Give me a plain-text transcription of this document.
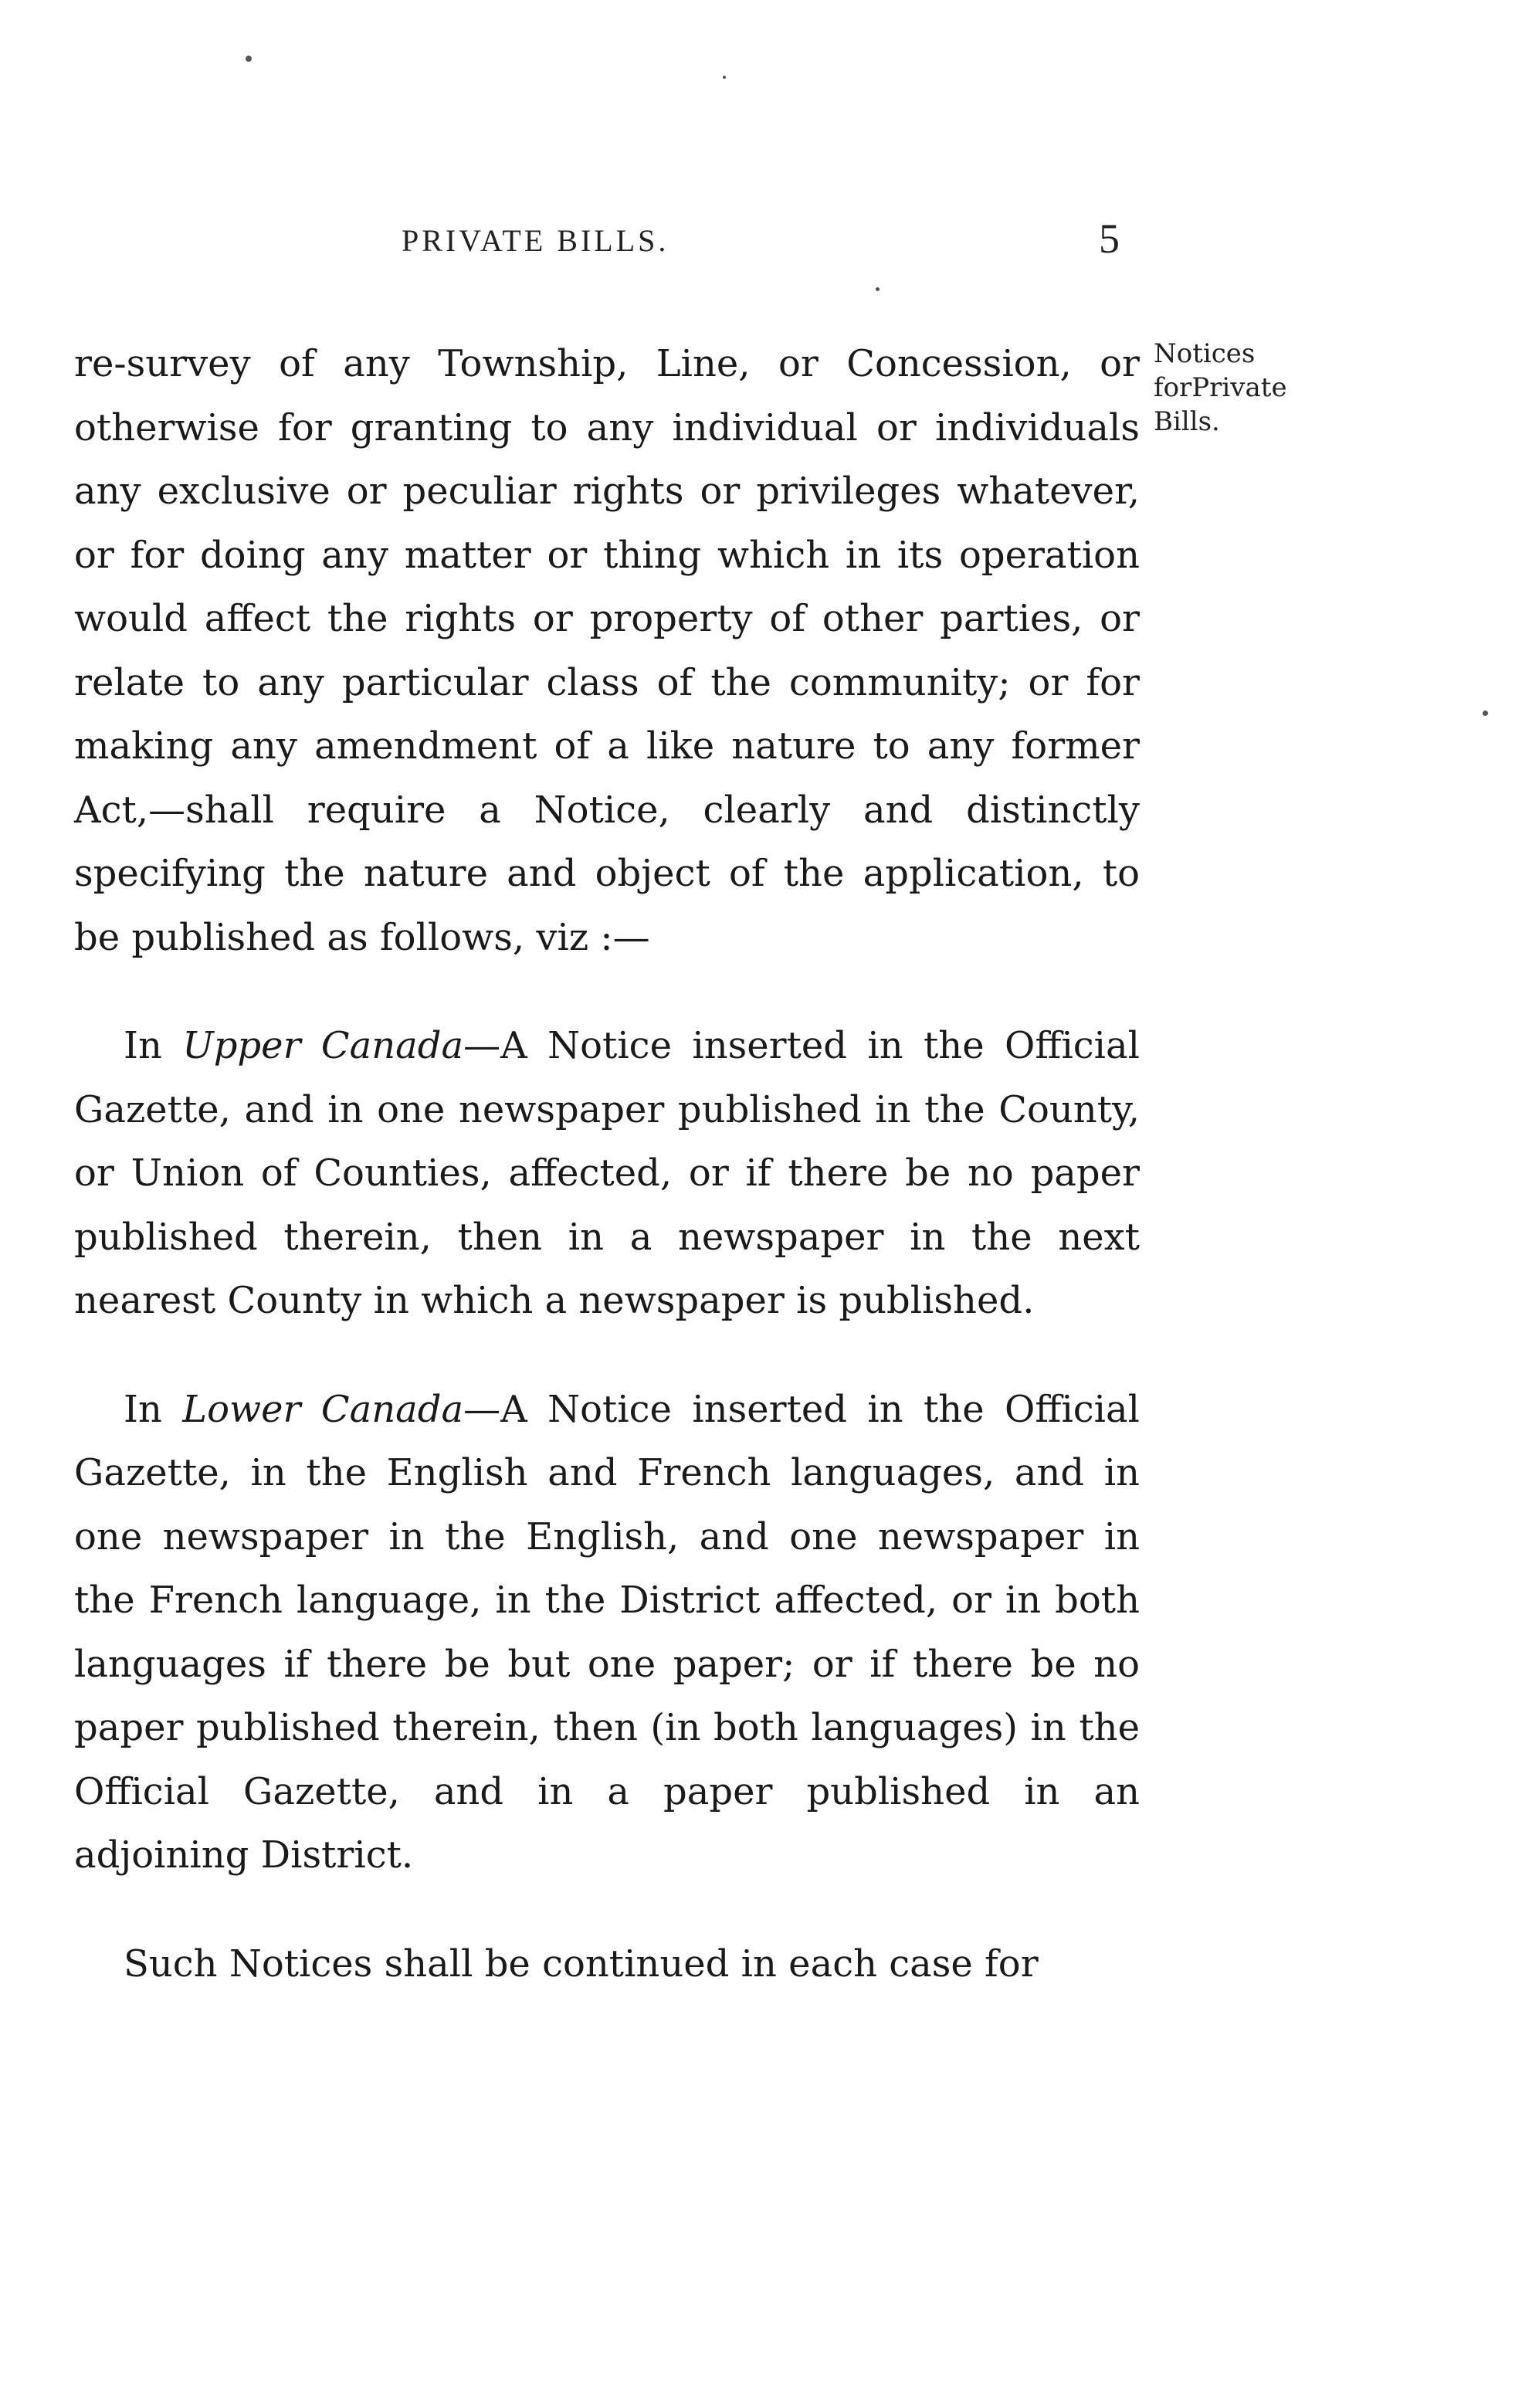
PRIVATE BILLS.	5
Notices
forPrivate
Bills.

re-survey of any Township, Line, or Concession, or otherwise for granting to any individual or individuals any exclusive or peculiar rights or privileges whatever, or for doing any matter or thing which in its operation would affect the rights or property of other parties, or relate to any particular class of the community; or for making any amendment of a like nature to any former Act,—shall require a Notice, clearly and distinctly specifying the nature and object of the application, to be published as follows, viz :—

In Upper Canada—A Notice inserted in the Official Gazette, and in one newspaper published in the County, or Union of Counties, affected, or if there be no paper published therein, then in a newspaper in the next nearest County in which a newspaper is published.

In Lower Canada—A Notice inserted in the Official Gazette, in the English and French languages, and in one newspaper in the English, and one newspaper in the French language, in the District affected, or in both languages if there be but one paper; or if there be no paper published therein, then (in both languages) in the Official Gazette, and in a paper published in an adjoining District.

Such Notices shall be continued in each case for
